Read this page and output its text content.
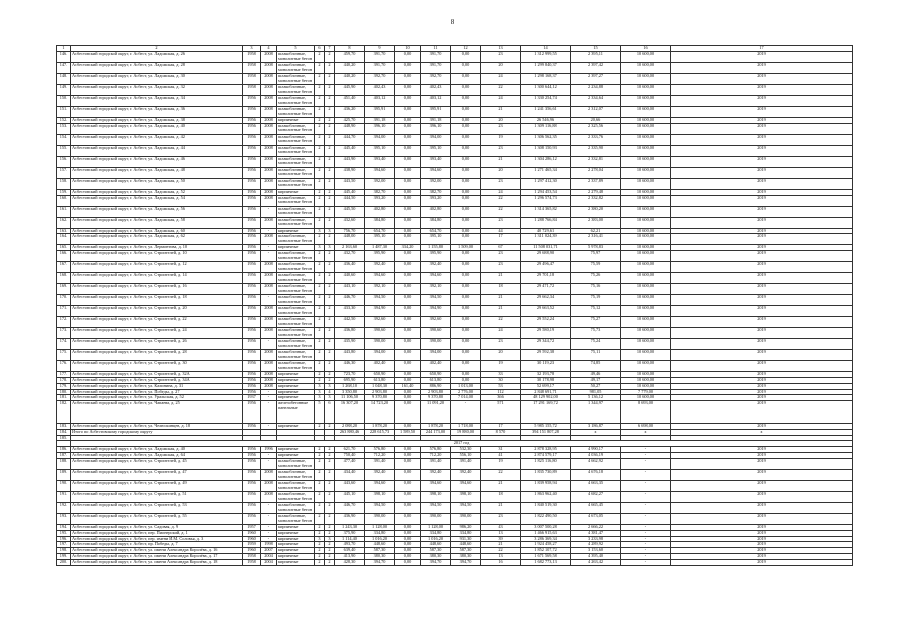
8
1	2	3	4	5	6	7	8	9	10	11	12	13	14	15	16	17
146.	Асбестовский городской округ, г. Асбест, ул. Ладожская, д. 26	1958	2008	шлакоблочные, монолитные бетон	2	2	459,70	391,70	0,00	391,70	0,00	23	1 312 999,55	2 395,11	10 600,00	2019
147.	Асбестовский городской округ, г. Асбест, ул. Ладожская, д. 28	1958	2008	шлакоблочные, монолитные бетон	2	2	440,20	391,70	0,00	391,70	0,00	20	1 299 840,37	2 397,42	10 600,00	2019
148.	Асбестовский городской округ, г. Асбест, ул. Ладожская, д. 30	1958	2008	шлакоблочные, монолитные бетон	2	2	440,20	392,70	0,00	392,70	0,00	24	1 298 168,37	2 397,27	10 600,00	2019
149.	Асбестовский городской округ, г. Асбест, ул. Ладожская, д. 32	1958	2008	шлакоблочные, монолитные бетон	2	2	445,90	402,43	0,00	402,43	0,00	22	1 300 644,12	2 234,88	10 600,00	2019
150.	Асбестовский городской округ, г. Асбест, ул. Ладожская, д. 34	1956	2008	шлакоблочные, монолитные бетон	2	2	451,40	403,12	0,00	403,12	0,00	24	1 330 254,74	2 334,64	10 600,00	2019
151.	Асбестовский городской округ, г. Асбест, ул. Ладожская, д. 36	1956	2008	шлакоблочные, монолитные бетон	2	2	436,20	395,91	0,00	395,91	0,00	21	1 241 356,61	2 312,07	10 600,00	2019
152.	Асбестовский городской округ, г. Асбест, ул. Ладожская, д. 38	1956	2008	кирпичные	2	2	425,70	391,18	0,00	391,18	0,00	20	26 546,96	20,66	10 600,00	2019
153.	Асбестовский городской округ, г. Асбест, ул. Ладожская, д. 40	1956	2008	шлакоблочные, монолитные бетон	2	2	448,90	396,10	0,00	396,10	0,00	23	1 309 116,88	2 325,56	10 600,00	2019
154.	Асбестовский городской округ, г. Асбест, ул. Ладожская, д. 42	1956	2008	шлакоблочные, монолитные бетон	2	2	444,70	394,00	0,00	394,00	0,00	19	1 306 562,35	2 333,76	10 600,00	2019
155.	Асбестовский городской округ, г. Асбест, ул. Ладожская, д. 44	1956	2008	шлакоблочные, монолитные бетон	2	2	445,40	395,10	0,00	395,10	0,00	23	1 308 150,93	2 335,90	10 600,00	2019
156.	Асбестовский городской округ, г. Асбест, ул. Ладожская, д. 46	1956	2008	шлакоблочные, монолитные бетон	2	2	443,90	393,40	0,00	393,40	0,00	21	1 304 286,12	2 332,81	10 600,00	2019
157.	Асбестовский городской округ, г. Асбест, ул. Ладожская, д. 48	1956	2008	шлакоблочные, монолитные бетон	2	2	438,90	394,60	0,00	394,60	0,00	20	1 271 465,34	2 278,04	10 600,00	2019
158.	Асбестовский городской округ, г. Асбест, ул. Ладожская, д. 50	1956	2008	шлакоблочные, монолитные бетон	2	2	443,50	392,00	0,00	392,00	0,00	23	1 297 412,30	2 337,89	10 600,00	2019
159.	Асбестовский городской округ, г. Асбест, ул. Ладожская, д. 52	1956	2008	кирпичные	2	2	445,40	382,70	0,00	382,70	0,00	24	1 294 453,54	2 279,48	10 600,00	2019
160.	Асбестовский городской округ, г. Асбест, ул. Ладожская, д. 54	1956	2008	шлакоблочные, монолитные бетон	2	2	444,50	393,20	0,00	393,20	0,00	22	1 296 574,73	2 332,82	10 600,00	2019
161.	Асбестовский городской округ, г. Асбест, ул. Ладожская, д. 56	1956	-	шлакоблочные, монолитные бетон	2	2	445,50	402,80	0,00	402,80	0,00	22	1 314 365,82	2 380,20	10 600,00	2019
162.	Асбестовский городской округ, г. Асбест, ул. Ладожская, д. 58	1956	2008	шлакоблочные, монолитные бетон	2	2	432,60	384,80	0,00	384,80	0,00	23	1 288 766,84	2 383,00	10 600,00	2019
163.	Асбестовский городской округ, г. Асбест, ул. Ладожская, д. 60	1956	-	кирпичные	3	3	756,70	654,70	0,00	654,70	0,00	44	40 729,61	62,21	10 600,00	2019
164.	Асбестовский городской округ, г. Асбест, ул. Ладожская, д. 62	1956	2008	шлакоблочные, монолитные бетон	2	2	448,00	395,10	0,00	395,10	0,00	17	1 311 024,39	2 316,41	10 600,00	2019
165.	Асбестовский городской округ, г. Асбест, ул. Лермонтова, д. 10	1956	-	кирпичные	3	3	2 163,60	1 487,30	334,20	1 155,80	1 509,00	67	11 508 031,71	5 978,83	10 600,00	2019
166.	Асбестовский городской округ, г. Асбест, ул. Строителей, д. 10	1956	-	шлакоблочные, монолитные бетон	2	2	432,70	395,90	0,00	395,90	0,00	23	29 688,90	75,97	10 600,00	2019
167.	Асбестовский городской округ, г. Асбест, ул. Строителей, д. 12	1956	2008	шлакоблочные, монолитные бетон	2	2	436,40	392,40	0,00	392,40	0,00	23	29 496,47	75,59	10 600,00	2019
168.	Асбестовский городской округ, г. Асбест, ул. Строителей, д. 14	1956	2008	шлакоблочные, монолитные бетон	2	2	440,60	394,60	0,00	394,60	0,00	21	29 701,18	75,26	10 600,00	2019
169.	Асбестовский городской округ, г. Асбест, ул. Строителей, д. 16	1956	2008	шлакоблочные, монолитные бетон	2	2	443,10	392,10	0,00	392,10	0,00	18	29 471,72	75,16	10 600,00	2019
170.	Асбестовский городской округ, г. Асбест, ул. Строителей, д. 18	1956	-	шлакоблочные, монолитные бетон	2	2	446,70	394,50	0,00	394,50	0,00	21	29 662,34	75,19	10 600,00	2019
171.	Асбестовский городской округ, г. Асбест, ул. Строителей, д. 20	1956	2008	шлакоблочные, монолитные бетон	2	2	433,30	394,90	0,00	394,90	0,00	21	29 663,52	75,12	10 600,00	2019
172.	Асбестовский городской округ, г. Асбест, ул. Строителей, д. 22	1956	2008	шлакоблочные, монолитные бетон	2	2	442,50	392,60	0,00	392,60	0,00	22	29 552,24	75,27	10 600,00	2019
173.	Асбестовский городской округ, г. Асбест, ул. Строителей, д. 24	1956	2008	шлакоблочные, монолитные бетон	2	2	436,80	390,60	0,00	390,60	0,00	24	29 580,19	75,73	10 600,00	2019
174.	Асбестовский городской округ, г. Асбест, ул. Строителей, д. 26	1956	-	шлакоблочные, монолитные бетон	2	2	435,90	390,00	0,00	390,00	0,00	23	29 344,72	75,24	10 600,00	2019
175.	Асбестовский городской округ, г. Асбест, ул. Строителей, д. 28	1956	2008	шлакоблочные, монолитные бетон	2	2	443,80	394,00	0,00	394,00	0,00	20	29 592,38	75,11	10 600,00	2019
176.	Асбестовский городской округ, г. Асбест, ул. Строителей, д. 30	1956	2008	шлакоблочные, монолитные бетон	2	2	446,30	402,40	0,00	402,40	0,00	19	30 119,23	74,85	10 600,00	2019
177.	Асбестовский городской округ, г. Асбест, ул. Строителей, д. 32А	1956	2008	кирпичные	2	2	723,70	650,90	0,00	650,90	0,00	33	32 193,78	49,46	10 600,00	2019
178.	Асбестовский городской округ, г. Асбест, ул. Строителей, д. 34А	1956	2008	кирпичные	2	2	695,90	613,80	0,00	613,80	0,00	30	30 178,98	49,17	10 600,00	2019
179.	Асбестовский городской округ, г. Асбест, ул. Калинина, д. 31	1956	2008	кирпичные	3	3	1 268,10	1 048,30	161,40	886,90	1 013,00	53	52 699,17	50,27	10 600,00	2019
180.	Асбестовский городской округ, г. Асбест, ул. Победы, д. 27	1956	-	кирпичные	3	4	3 350,80	2 903,80	0,00	2 903,80	2 776,00	112	2 848 691,71	981,05	7 779,00	2019
181.	Асбестовский городской округ, г. Асбест, ул. Уральская, д. 52	1937	-	кирпичные	3	3	11 106,50	9 370,80	0,00	9 370,80	7 014,00	366	48 129 902,00	5 136,12	10 600,00	2019
182.	Асбестовский городской округ, г. Асбест, ул. Чапаева, д. 25	1956	-	железобетонные панельные	5	6	16 307,20	14 723,20	0,00	11 091,20	-	571	17 291 169,72	1 344,97	8 693,00	2019
183.	Асбестовский городской округ, г. Асбест, ул. Челюскинцев, д. 18	1956	-	кирпичные	2	2	2 088,20	1 878,20	0,00	1 878,20	1 718,00	17	5 985 155,72	3 186,87	6 698,00	2019
184.	Итого по Асбестовскому городскому округу						263 880,46	228 615,73	1 589,50	244 173,00	19 880,00	8 570	394 151 807,28	x	x	x
185.																
	2017 год															
186.	Асбестовский городской округ, г. Асбест, ул. Ладожская, д. 40	1956	1996	кирпичные	2	2	621,70	576,80	0,00	576,80	532,30	31	2 878 328,95	4 990,17	-	2019
187.	Асбестовский городской округ, г. Асбест, ул. Ладожская, д. 64	1956	-	кирпичные	2	2	750,40	712,20	0,00	712,20	556,10	41	2 874 579,17	4 036,19	-	2019
188.	Асбестовский городской округ, г. Асбест, ул. Строителей, д. 45	1956	-	шлакоблочные, монолитные бетон	2	2	477,40	391,40	0,00	391,40	391,40	19	1 825 116,80	4 662,92	-	2019
189.	Асбестовский городской округ, г. Асбест, ул. Строителей, д. 47	1956	2008	шлакоблочные, монолитные бетон	2	2	434,40	392,40	0,00	392,40	392,40	22	1 835 730,89	4 676,18	-	2019
190.	Асбестовский городской округ, г. Асбест, ул. Строителей, д. 49	1956	2008	шлакоблочные, монолитные бетон	2	2	443,60	394,60	0,00	394,60	394,60	21	1 839 958,94	4 663,35	-	2019
191.	Асбестовский городской округ, г. Асбест, ул. Строителей, д. 51	1956	2008	шлакоблочные, монолитные бетон	2	2	445,10	398,10	0,00	398,10	398,10	18	1 863 962,40	4 682,27	-	2019
192.	Асбестовский городской округ, г. Асбест, ул. Строителей, д. 53	1956	-	шлакоблочные, монолитные бетон	2	2	446,70	394,50	0,00	394,50	394,50	21	1 840 519,30	4 665,45	-	2019
193.	Асбестовский городской округ, г. Асбест, ул. Строителей, д. 55	1956	-	шлакоблочные, монолитные бетон	2	2	436,90	390,00	0,00	390,00	390,00	23	1 822 490,50	4 673,05	-	2019
194.	Асбестовский городской округ, г. Асбест, ул. Садовая, д. 9	1957	-	кирпичные	2	2	1 243,30	1 128,00	0,00	1 128,00	986,20	43	3 007 500,28	2 666,22	-	2019
195.	Асбестовский городской округ, г. Асбест, пер. Пионерский, д. 1	1960	-	кирпичные	2	2	375,90	334,80	0,00	334,80	334,80	13	1 466 915,63	4 381,47	-	2019
196.	Асбестовский городской округ, г. Асбест, пер. имени И.М. Соловья, д. 3	1960	-	кирпичные	3	3	1 114,40	1 016,20	0,00	1 016,20	931,30	39	3 286 369,34	3 233,98	-	2019
197.	Асбестовский городской округ, г. Асбест, пр. Победы, д. 7	1959	1998	кирпичные	2	2	493,70	448,60	0,00	448,60	448,60	21	1 924 458,27	4 289,92	-	2019
198.	Асбестовский городской округ, г. Асбест, ул. имени Александра Королёва, д. 16	1960	2007	кирпичные	2	2	639,40	587,30	0,00	587,30	587,30	22	1 852 107,72	3 153,60	-	2019
199.	Асбестовский городской округ, г. Асбест, ул. имени Александра Королёва, д. 17	1958	2004	кирпичные	2	2	413,90	380,30	0,00	380,30	380,30	13	1 671 569,58	4 395,40	-	2019
200.	Асбестовский городской округ, г. Асбест, ул. имени Александра Королёва, д. 18	1958	2004	кирпичные	2	2	428,30	394,70	0,00	394,70	394,70	16	1 682 773,13	4 263,42	-	2019
